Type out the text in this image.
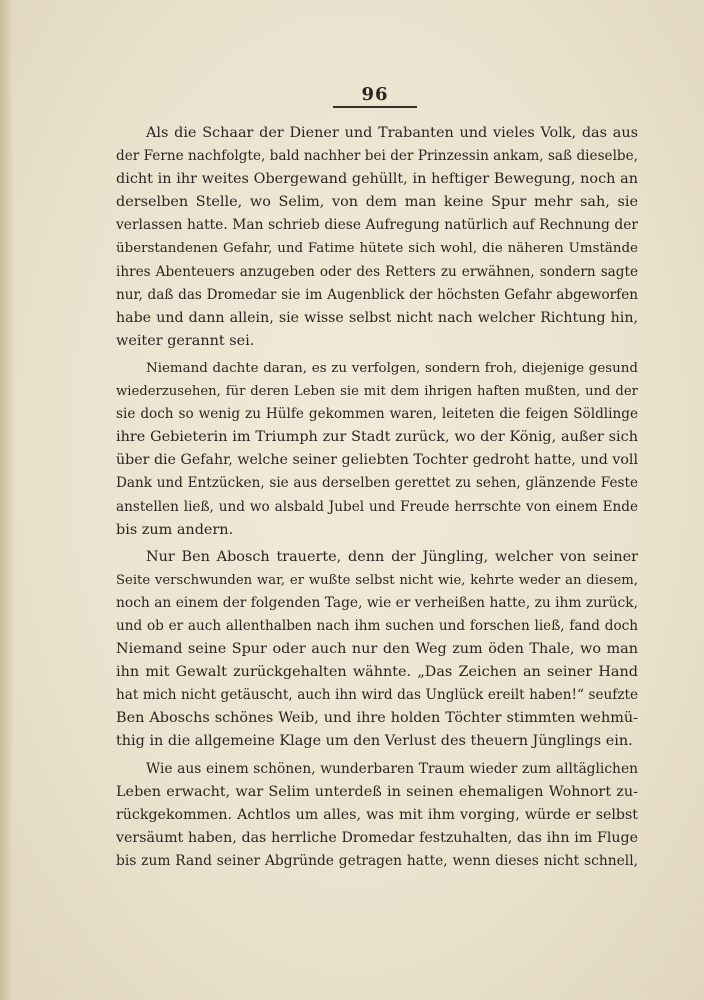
96
Als die Schaar der Diener und Trabanten und vieles Volk, das aus
der Ferne nachfolgte, bald nachher bei der Prinzessin ankam, saß dieselbe,
dicht in ihr weites Obergewand gehüllt, in heftiger Bewegung, noch an
derselben Stelle, wo Selim, von dem man keine Spur mehr sah, sie
verlassen hatte. Man schrieb diese Aufregung natürlich auf Rechnung der
überstandenen Gefahr, und Fatime hütete sich wohl, die näheren Umstände
ihres Abenteuers anzugeben oder des Retters zu erwähnen, sondern sagte
nur, daß das Dromedar sie im Augenblick der höchsten Gefahr abgeworfen
habe und dann allein, sie wisse selbst nicht nach welcher Richtung hin,
weiter gerannt sei.
Niemand dachte daran, es zu verfolgen, sondern froh, diejenige gesund
wiederzusehen, für deren Leben sie mit dem ihrigen haften mußten, und der
sie doch so wenig zu Hülfe gekommen waren, leiteten die feigen Söldlinge
ihre Gebieterin im Triumph zur Stadt zurück, wo der König, außer sich
über die Gefahr, welche seiner geliebten Tochter gedroht hatte, und voll
Dank und Entzücken, sie aus derselben gerettet zu sehen, glänzende Feste
anstellen ließ, und wo alsbald Jubel und Freude herrschte von einem Ende
bis zum andern.
Nur Ben Abosch trauerte, denn der Jüngling, welcher von seiner
Seite verschwunden war, er wußte selbst nicht wie, kehrte weder an diesem,
noch an einem der folgenden Tage, wie er verheißen hatte, zu ihm zurück,
und ob er auch allenthalben nach ihm suchen und forschen ließ, fand doch
Niemand seine Spur oder auch nur den Weg zum öden Thale, wo man
ihn mit Gewalt zurückgehalten wähnte. „Das Zeichen an seiner Hand
hat mich nicht getäuscht, auch ihn wird das Unglück ereilt haben!“ seufzte
Ben Aboschs schönes Weib, und ihre holden Töchter stimmten wehmü-
thig in die allgemeine Klage um den Verlust des theuern Jünglings ein.
Wie aus einem schönen, wunderbaren Traum wieder zum alltäglichen
Leben erwacht, war Selim unterdeß in seinen ehemaligen Wohnort zu-
rückgekommen. Achtlos um alles, was mit ihm vorging, würde er selbst
versäumt haben, das herrliche Dromedar festzuhalten, das ihn im Fluge
bis zum Rand seiner Abgründe getragen hatte, wenn dieses nicht schnell,
